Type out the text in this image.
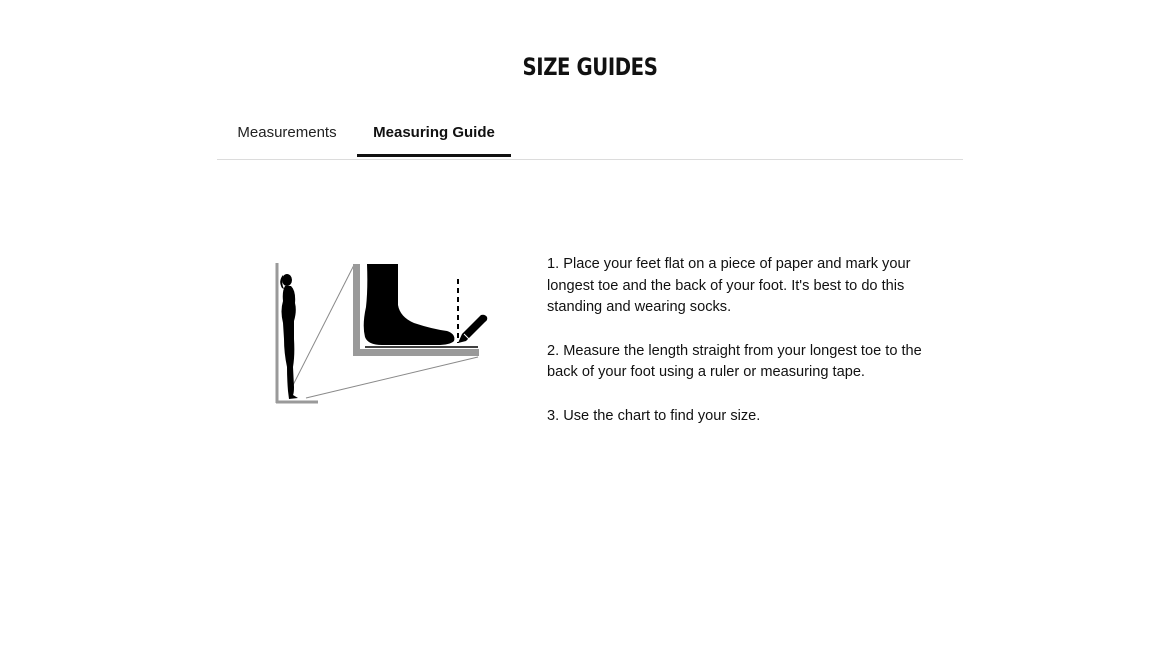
SIZE GUIDES
Measurements	Measuring Guide

1. Place your feet flat on a piece of paper and mark your longest toe and the back of your foot. It's best to do this standing and wearing socks.

2. Measure the length straight from your longest toe to the back of your foot using a ruler or measuring tape.

3. Use the chart to find your size.
